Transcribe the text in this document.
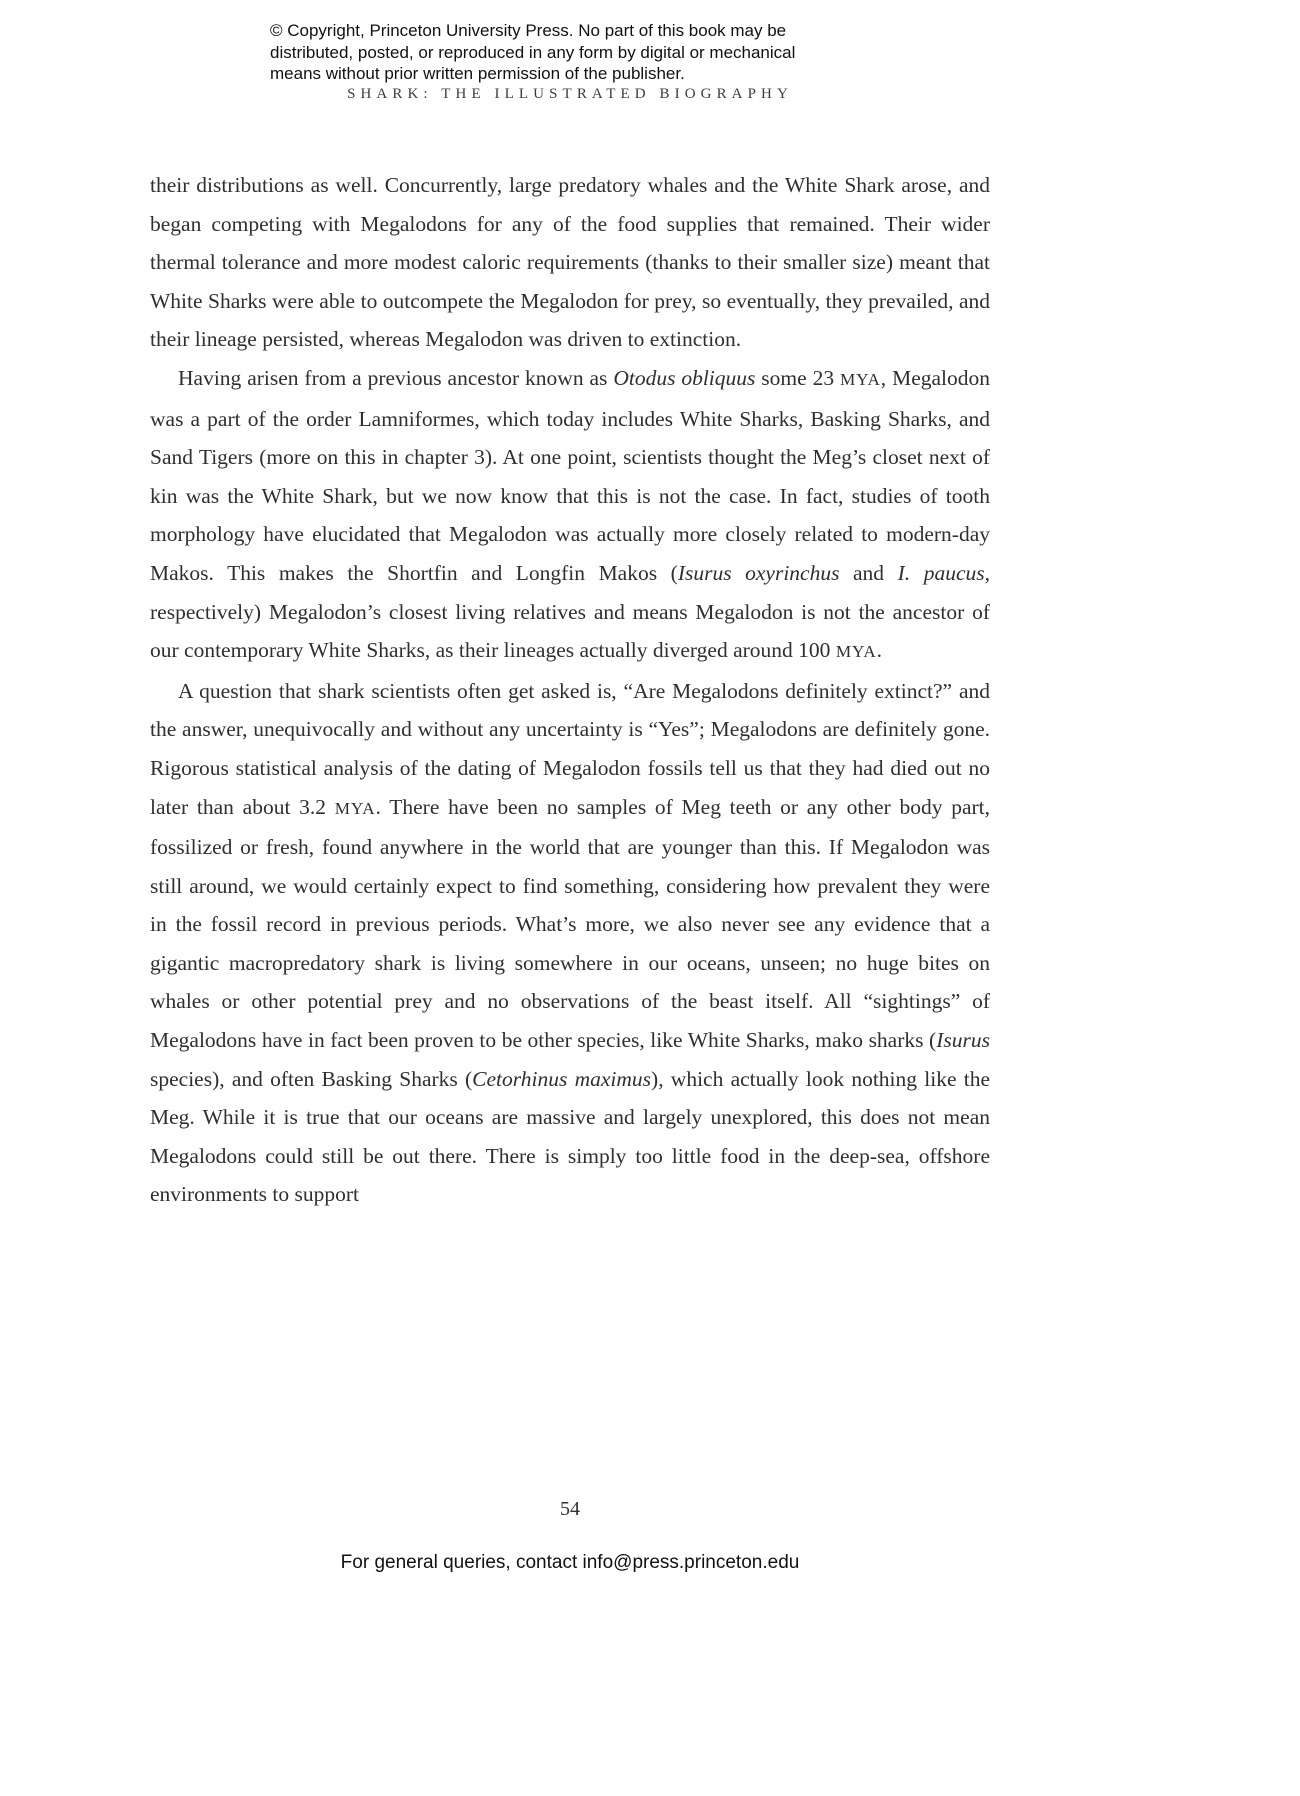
© Copyright, Princeton University Press. No part of this book may be
distributed, posted, or reproduced in any form by digital or mechanical
means without prior written permission of the publisher.
SHARK: THE ILLUSTRATED BIOGRAPHY

their distributions as well. Concurrently, large predatory whales and the White Shark arose, and began competing with Megalodons for any of the food supplies that remained. Their wider thermal tolerance and more modest caloric requirements (thanks to their smaller size) meant that White Sharks were able to outcompete the Megalodon for prey, so eventually, they prevailed, and their lineage persisted, whereas Megalodon was driven to extinction.

Having arisen from a previous ancestor known as Otodus obliquus some 23 MYA, Megalodon was a part of the order Lamniformes, which today includes White Sharks, Basking Sharks, and Sand Tigers (more on this in chapter 3). At one point, scientists thought the Meg’s closet next of kin was the White Shark, but we now know that this is not the case. In fact, studies of tooth morphology have elucidated that Megalodon was actually more closely related to modern-day Makos. This makes the Shortfin and Longfin Makos (Isurus oxyrinchus and I. paucus, respectively) Megalodon’s closest living relatives and means Megalodon is not the ancestor of our contemporary White Sharks, as their lineages actually diverged around 100 MYA.

A question that shark scientists often get asked is, “Are Megalodons definitely extinct?” and the answer, unequivocally and without any uncertainty is “Yes”; Megalodons are definitely gone. Rigorous statistical analysis of the dating of Megalodon fossils tell us that they had died out no later than about 3.2 MYA. There have been no samples of Meg teeth or any other body part, fossilized or fresh, found anywhere in the world that are younger than this. If Megalodon was still around, we would certainly expect to find something, considering how prevalent they were in the fossil record in previous periods. What’s more, we also never see any evidence that a gigantic macropredatory shark is living somewhere in our oceans, unseen; no huge bites on whales or other potential prey and no observations of the beast itself. All “sightings” of Megalodons have in fact been proven to be other species, like White Sharks, mako sharks (Isurus species), and often Basking Sharks (Cetorhinus maximus), which actually look nothing like the Meg. While it is true that our oceans are massive and largely unexplored, this does not mean Megalodons could still be out there. There is simply too little food in the deep-sea, offshore environments to support

54
For general queries, contact info@press.princeton.edu
